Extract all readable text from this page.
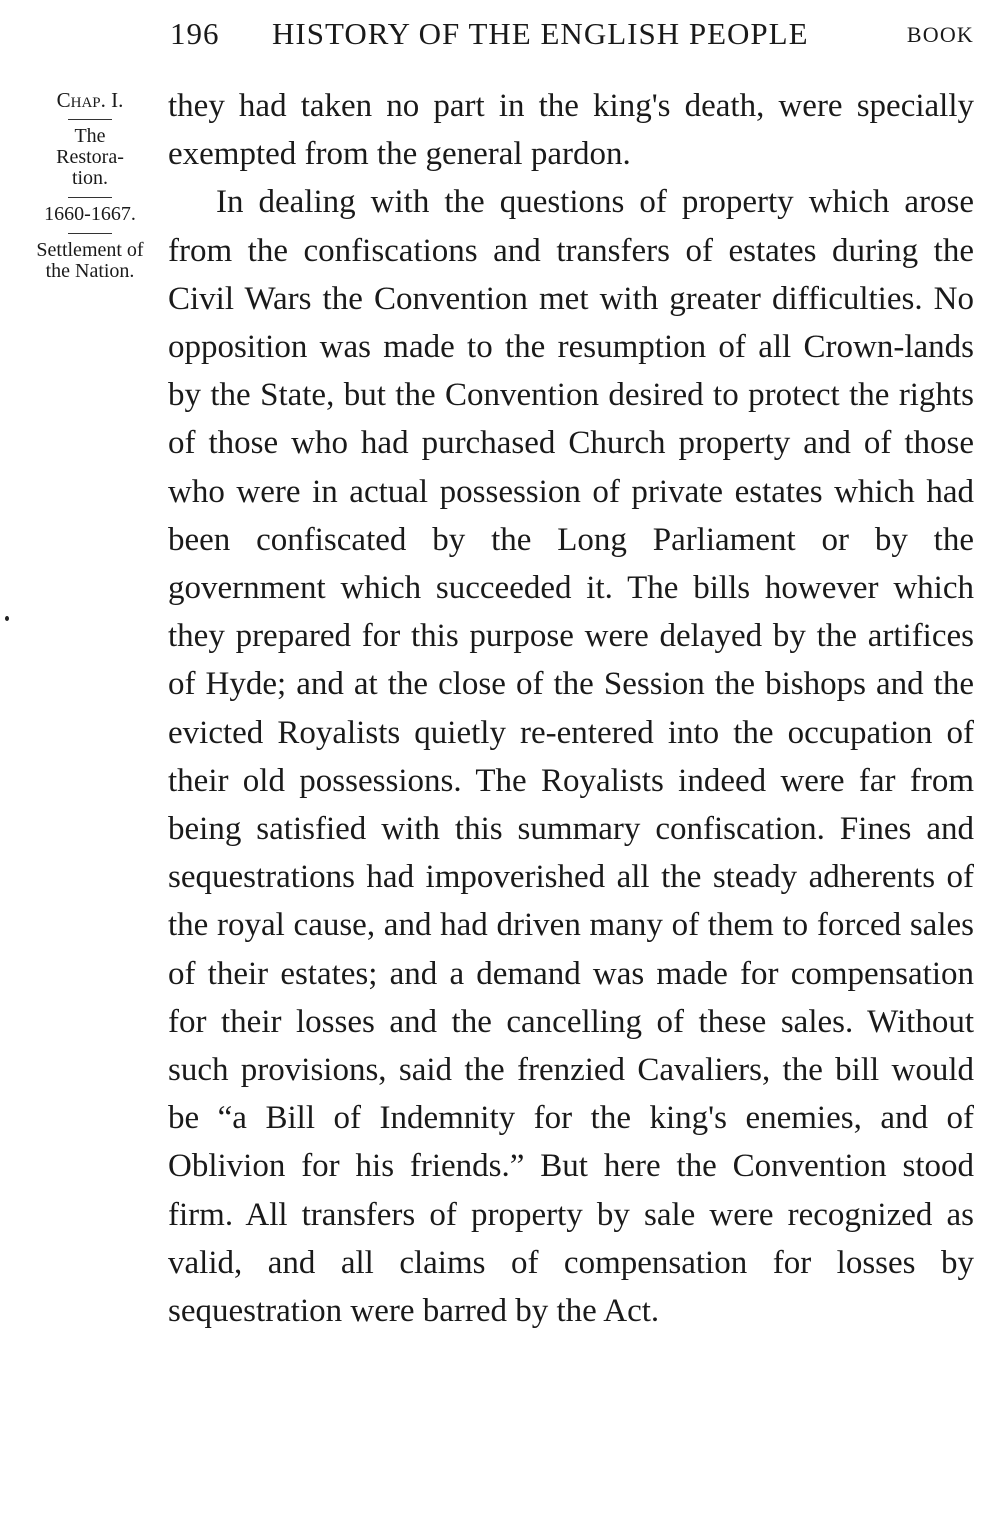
196 HISTORY OF THE ENGLISH PEOPLE	BOOK
Chap. I.
The Restora-tion.
1660-1667.
Settlement of the Nation.

they had taken no part in the king's death, were specially exempted from the general pardon.

In dealing with the questions of property which arose from the confiscations and transfers of estates during the Civil Wars the Convention met with greater difficulties. No opposition was made to the resumption of all Crown-lands by the State, but the Convention desired to protect the rights of those who had purchased Church property and of those who were in actual possession of private estates which had been confiscated by the Long Parliament or by the government which succeeded it. The bills however which they prepared for this purpose were delayed by the artifices of Hyde; and at the close of the Session the bishops and the evicted Royalists quietly re-entered into the occupation of their old possessions. The Royalists indeed were far from being satisfied with this summary confiscation. Fines and sequestrations had impoverished all the steady adherents of the royal cause, and had driven many of them to forced sales of their estates; and a demand was made for compensation for their losses and the cancelling of these sales. Without such provisions, said the frenzied Cavaliers, the bill would be “a Bill of Indemnity for the king's enemies, and of Oblivion for his friends.” But here the Convention stood firm. All transfers of property by sale were recognized as valid, and all claims of compensation for losses by sequestration were barred by the Act.
